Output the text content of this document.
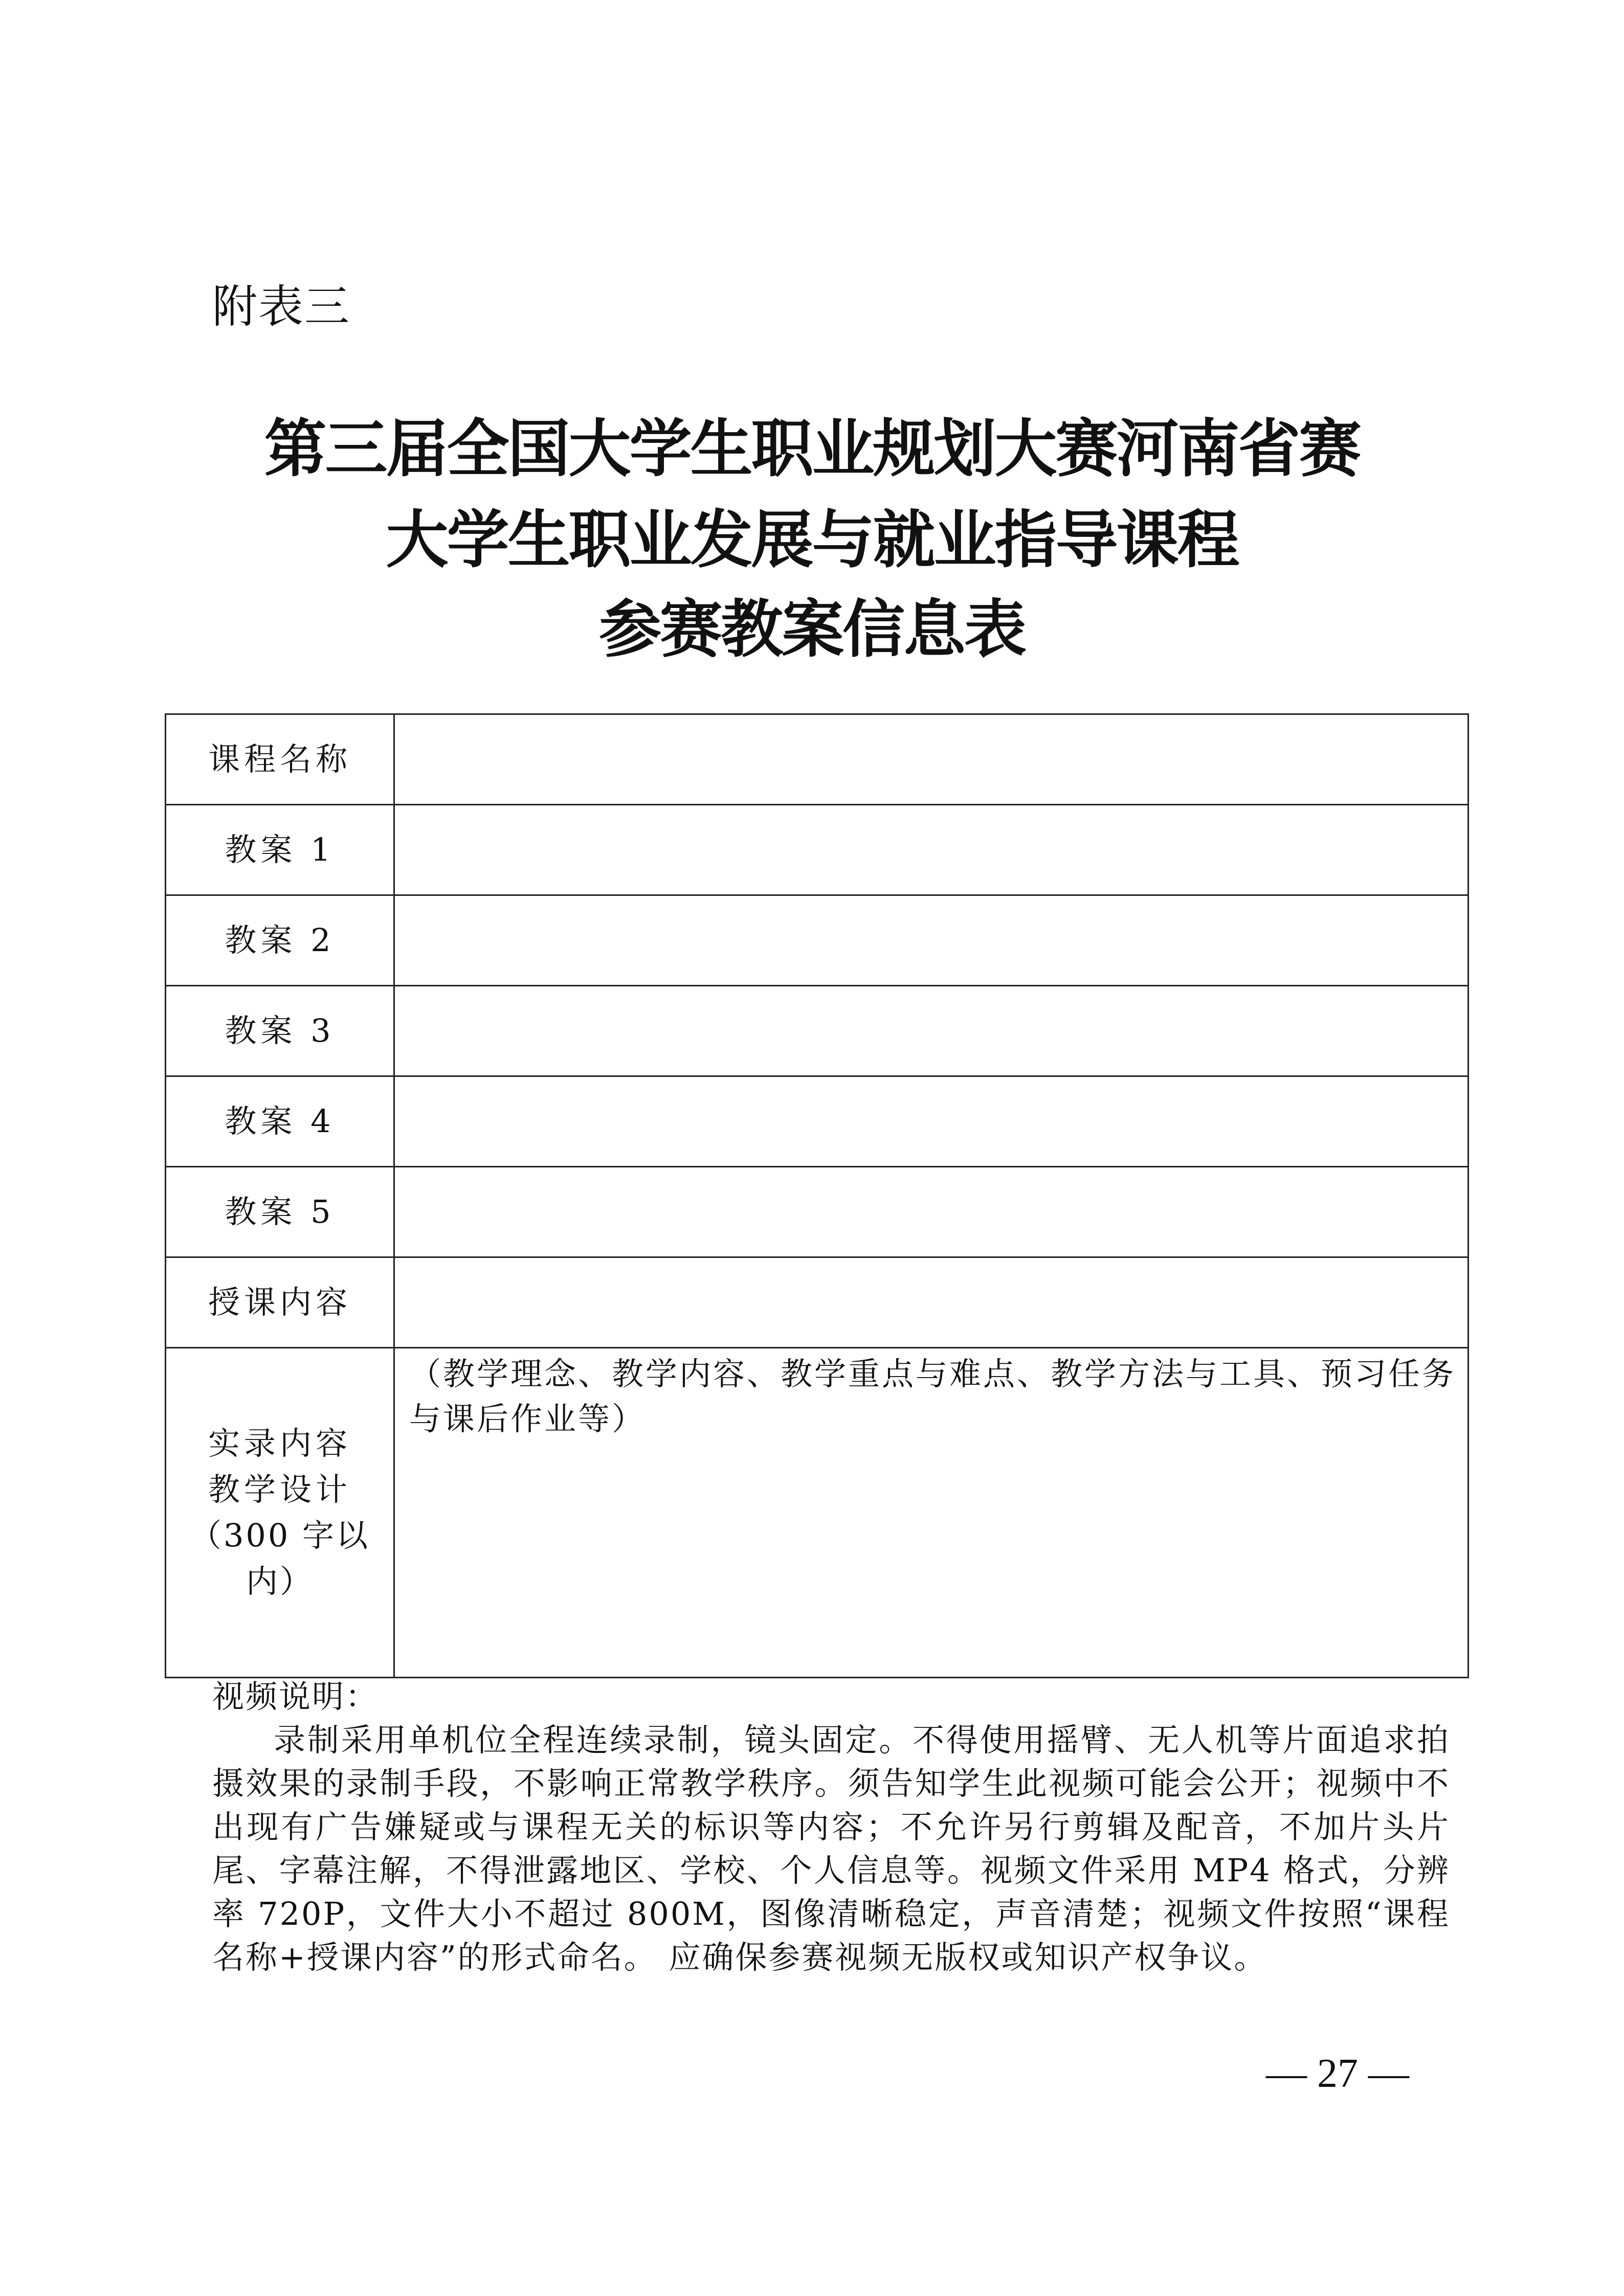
附表三
第三届全国大学生职业规划大赛河南省赛
大学生职业发展与就业指导课程
参赛教案信息表
课程名称	
教案 1	
教案 2	
教案 3	
教案 4	
教案 5	
授课内容	

实录内容
教学设计
（300 字以内）	（教学理念、教学内容、教学重点与难点、教学方法与工具、预习任务与课后作业等）
视频说明：
录制采用单机位全程连续录制，镜头固定。不得使用摇臂、无人机等片面追求拍摄效果的录制手段，不影响正常教学秩序。须告知学生此视频可能会公开；视频中不出现有广告嫌疑或与课程无关的标识等内容；不允许另行剪辑及配音，不加片头片尾、字幕注解，不得泄露地区、学校、个人信息等。视频文件采用 MP4 格式，分辨率 720P，文件大小不超过 800M，图像清晰稳定，声音清楚；视频文件按照“课程名称+授课内容”的形式命名。 应确保参赛视频无版权或知识产权争议。
— 27 —
